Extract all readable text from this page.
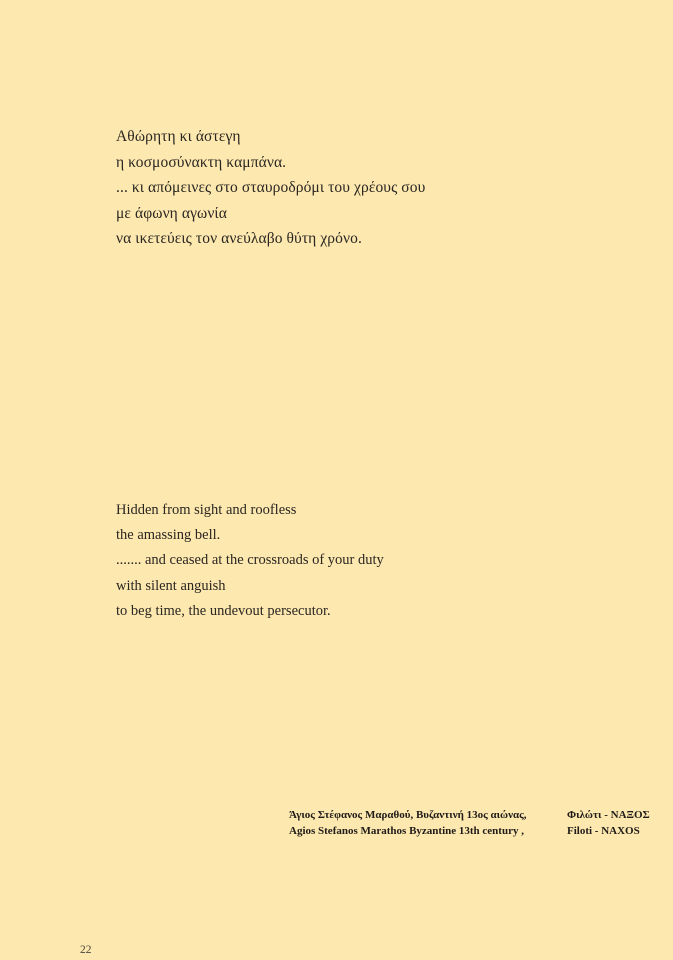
Αθώρητη κι άστεγη
η κοσμοσύνακτη καμπάνα.
... κι απόμεινες στο σταυροδρόμι του χρέους σου
με άφωνη αγωνία
να ικετεύεις τον ανεύλαβο θύτη χρόνο.
Hidden from sight and roofless
the amassing bell.
....... and ceased at the crossroads of your duty
with silent anguish
to beg time, the undevout persecutor.
Άγιος Στέφανος Μαραθού, Βυζαντινή 13ος αιώνας,	Φιλώτι - ΝΑΞΟΣ
Agios Stefanos Marathos Byzantine 13th century ,	Filoti - NAXOS
22
